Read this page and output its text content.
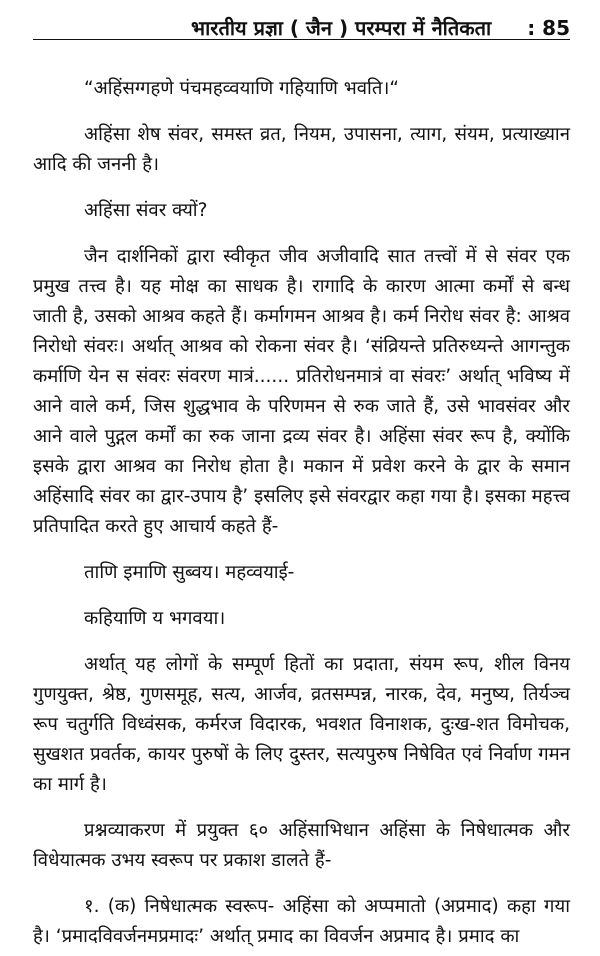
भारतीय प्रज्ञा ( जैन ) परम्परा में नैतिकता : 85

“अहिंसग्गहणे पंचमहव्वयाणि गहियाणि भवति।“

अहिंसा शेष संवर, समस्त व्रत, नियम, उपासना, त्याग, संयम, प्रत्याख्यान आदि की जननी है।

अहिंसा संवर क्यों?

जैन दार्शनिकों द्वारा स्वीकृत जीव अजीवादि सात तत्त्वों में से संवर एक प्रमुख तत्त्व है। यह मोक्ष का साधक है। रागादि के कारण आत्मा कर्मों से बन्ध जाती है, उसको आश्रव कहते हैं। कर्मागमन आश्रव है। कर्म निरोध संवर है: आश्रव निरोधो संवरः। अर्थात् आश्रव को रोकना संवर है। ‘संव्रियन्ते प्रतिरुध्यन्ते आगन्तुक कर्माणि येन स संवरः संवरण मात्रं...... प्रतिरोधनमात्रं वा संवरः’ अर्थात् भविष्य में आने वाले कर्म, जिस शुद्धभाव के परिणमन से रुक जाते हैं, उसे भावसंवर और आने वाले पुद्गल कर्मों का रुक जाना द्रव्य संवर है। अहिंसा संवर रूप है, क्योंकि इसके द्वारा आश्रव का निरोध होता है। मकान में प्रवेश करने के द्वार के समान अहिंसादि संवर का द्वार-उपाय है’ इसलिए इसे संवरद्वार कहा गया है। इसका महत्त्व प्रतिपादित करते हुए आचार्य कहते हैं-

ताणि इमाणि सुब्वय। महव्वयाई-

कहियाणि य भगवया।

अर्थात् यह लोगों के सम्पूर्ण हितों का प्रदाता, संयम रूप, शील विनय गुणयुक्त, श्रेष्ठ, गुणसमूह, सत्य, आर्जव, व्रतसम्पन्न, नारक, देव, मनुष्य, तिर्यञ्च रूप चतुर्गति विध्वंसक, कर्मरज विदारक, भवशत विनाशक, दुःख-शत विमोचक, सुखशत प्रवर्तक, कायर पुरुषों के लिए दुस्तर, सत्यपुरुष निषेवित एवं निर्वाण गमन का मार्ग है।

प्रश्नव्याकरण में प्रयुक्त ६० अहिंसाभिधान अहिंसा के निषेधात्मक और विधेयात्मक उभय स्वरूप पर प्रकाश डालते हैं-

१. (क) निषेधात्मक स्वरूप- अहिंसा को अप्पमातो (अप्रमाद) कहा गया है। ‘प्रमादविवर्जनमप्रमादः’ अर्थात् प्रमाद का विवर्जन अप्रमाद है। प्रमाद का
